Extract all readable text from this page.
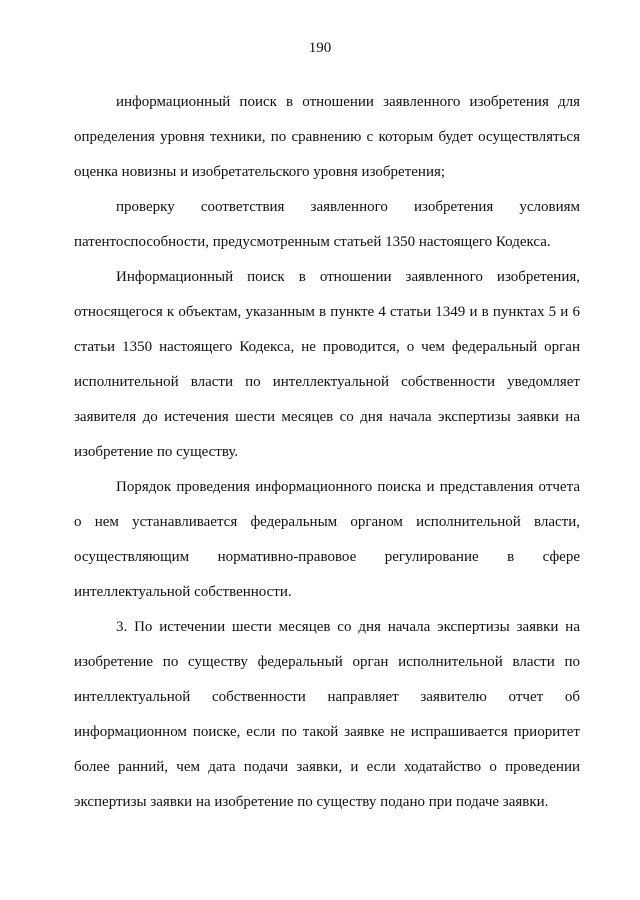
190

информационный поиск в отношении заявленного изобретения для определения уровня техники, по сравнению с которым будет осуществляться оценка новизны и изобретательского уровня изобретения;

проверку соответствия заявленного изобретения условиям патентоспособности, предусмотренным статьей 1350 настоящего Кодекса.

Информационный поиск в отношении заявленного изобретения, относящегося к объектам, указанным в пункте 4 статьи 1349 и в пунктах 5 и 6 статьи 1350 настоящего Кодекса, не проводится, о чем федеральный орган исполнительной власти по интеллектуальной собственности уведомляет заявителя до истечения шести месяцев со дня начала экспертизы заявки на изобретение по существу.

Порядок проведения информационного поиска и представления отчета о нем устанавливается федеральным органом исполнительной власти, осуществляющим нормативно-правовое регулирование в сфере интеллектуальной собственности.

3. По истечении шести месяцев со дня начала экспертизы заявки на изобретение по существу федеральный орган исполнительной власти по интеллектуальной собственности направляет заявителю отчет об информационном поиске, если по такой заявке не испрашивается приоритет более ранний, чем дата подачи заявки, и если ходатайство о проведении экспертизы заявки на изобретение по существу подано при подаче заявки.
